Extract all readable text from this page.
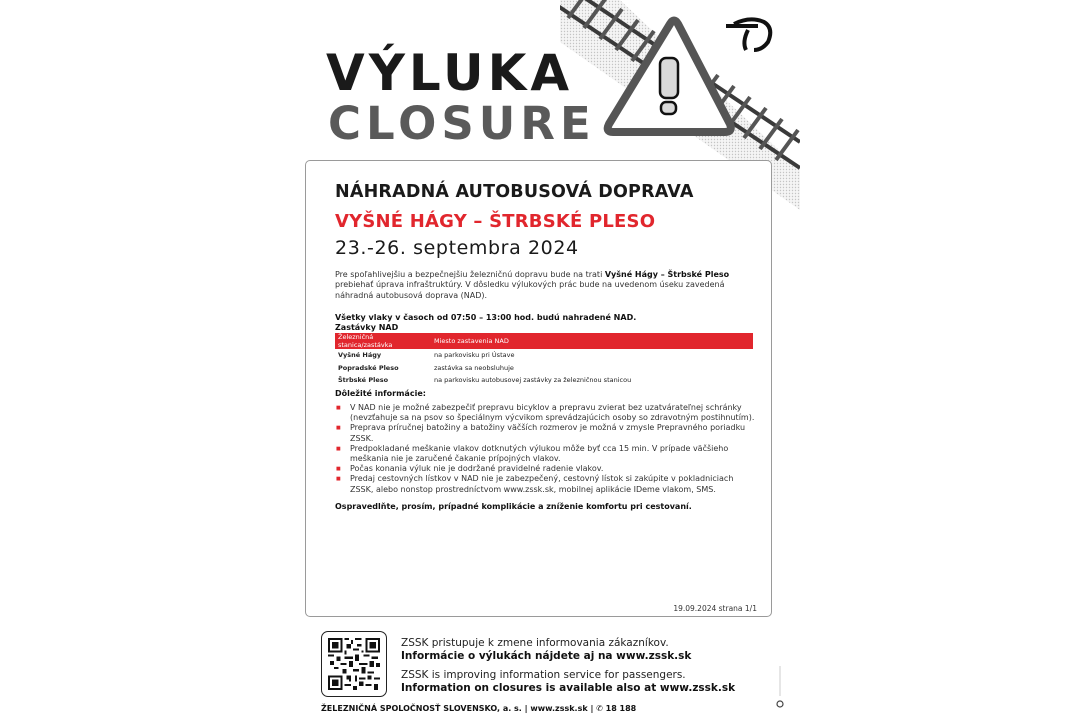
VÝLUKA
CLOSURE
NÁHRADNÁ AUTOBUSOVÁ DOPRAVA
VYŠNÉ HÁGY – ŠTRBSKÉ PLESO
23.-26. septembra 2024

Pre spoľahlivejšiu a bezpečnejšiu železničnú dopravu bude na trati Vyšné Hágy – Štrbské Pleso prebiehať úprava infraštruktúry. V dôsledku výlukových prác bude na uvedenom úseku zavedená náhradná autobusová doprava (NAD).

Všetky vlaky v časoch od 07:50 – 13:00 hod. budú nahradené NAD.
Zastávky NAD
Železničná stanica/zastávka	Miesto zastavenia NAD
Vyšné Hágy	na parkovisku pri Ústave
Popradské Pleso	zastávka sa neobsluhuje
Štrbské Pleso	na parkovisku autobusovej zastávky za železničnou stanicou
Dôležité informácie:
■ V NAD nie je možné zabezpečiť prepravu bicyklov a prepravu zvierat bez uzatvárateľnej schránky (nevzťahuje sa na psov so špeciálnym výcvikom sprevádzajúcich osoby so zdravotným postihnutím).
■ Preprava príručnej batožiny a batožiny väčších rozmerov je možná v zmysle Prepravného poriadku ZSSK.
■ Predpokladané meškanie vlakov dotknutých výlukou môže byť cca 15 min. V prípade väčšieho meškania nie je zaručené čakanie prípojných vlakov.
■ Počas konania výluk nie je dodržané pravidelné radenie vlakov.
■ Predaj cestovných lístkov v NAD nie je zabezpečený, cestovný lístok si zakúpite v pokladniciach ZSSK, alebo nonstop prostredníctvom www.zssk.sk, mobilnej aplikácie IDeme vlakom, SMS.
Ospravedlňte, prosím, prípadné komplikácie a zníženie komfortu pri cestovaní.
19.09.2024 strana 1/1
ZSSK pristupuje k zmene informovania zákazníkov.
Informácie o výlukách nájdete aj na www.zssk.sk
ZSSK is improving information service for passengers.
Information on closures is available also at www.zssk.sk
ŽELEZNIČNÁ SPOLOČNOSŤ SLOVENSKO, a. s. | www.zssk.sk | ✆ 18 188
